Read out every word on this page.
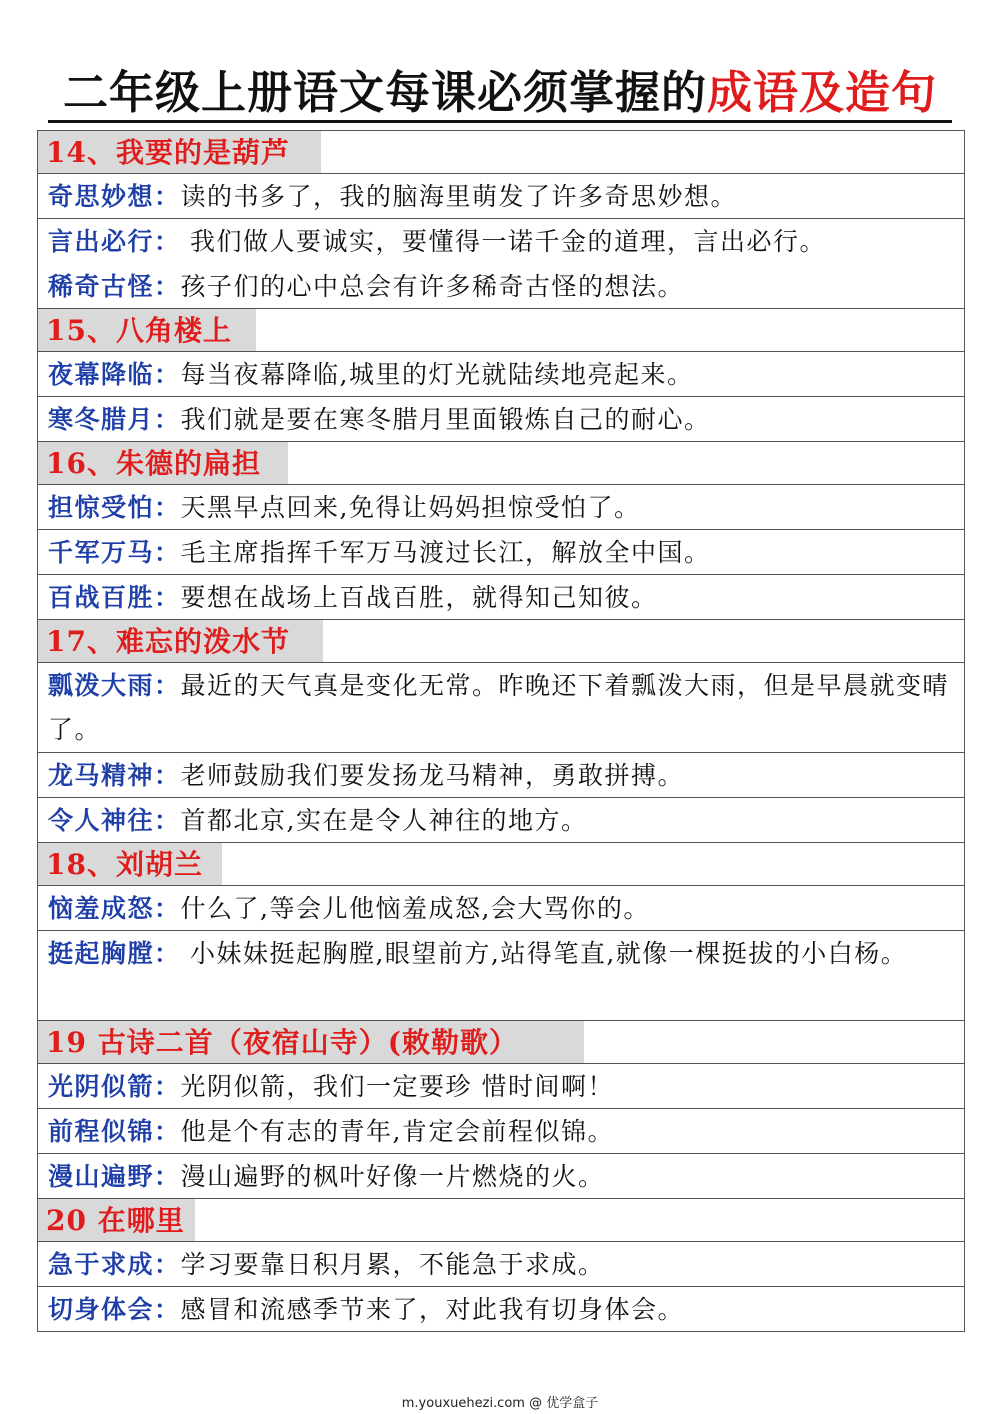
二年级上册语文每课必须掌握的成语及造句
14、我要的是葫芦
奇思妙想：读的书多了，我的脑海里萌发了许多奇思妙想。
言出必行： 我们做人要诚实，要懂得一诺千金的道理，言出必行。
稀奇古怪：孩子们的心中总会有许多稀奇古怪的想法。
15、八角楼上
夜幕降临：每当夜幕降临,城里的灯光就陆续地亮起来。
寒冬腊月：我们就是要在寒冬腊月里面锻炼自己的耐心。
16、朱德的扁担
担惊受怕：天黑早点回来,免得让妈妈担惊受怕了。
千军万马：毛主席指挥千军万马渡过长江，解放全中国。
百战百胜：要想在战场上百战百胜，就得知己知彼。
17、难忘的泼水节
瓢泼大雨：最近的天气真是变化无常。昨晚还下着瓢泼大雨，但是早晨就变晴了。
龙马精神：老师鼓励我们要发扬龙马精神，勇敢拼搏。
令人神往：首都北京,实在是令人神往的地方。
18、刘胡兰
恼羞成怒：什么了,等会儿他恼羞成怒,会大骂你的。
挺起胸膛： 小妹妹挺起胸膛,眼望前方,站得笔直,就像一棵挺拔的小白杨。
19 古诗二首（夜宿山寺）(敕勒歌）
光阴似箭：光阴似箭，我们一定要珍 惜时间啊！
前程似锦：他是个有志的青年,肯定会前程似锦。
漫山遍野：漫山遍野的枫叶好像一片燃烧的火。
20 在哪里
急于求成：学习要靠日积月累，不能急于求成。
切身体会：感冒和流感季节来了，对此我有切身体会。
m.youxuehezi.com @ 优学盒子
